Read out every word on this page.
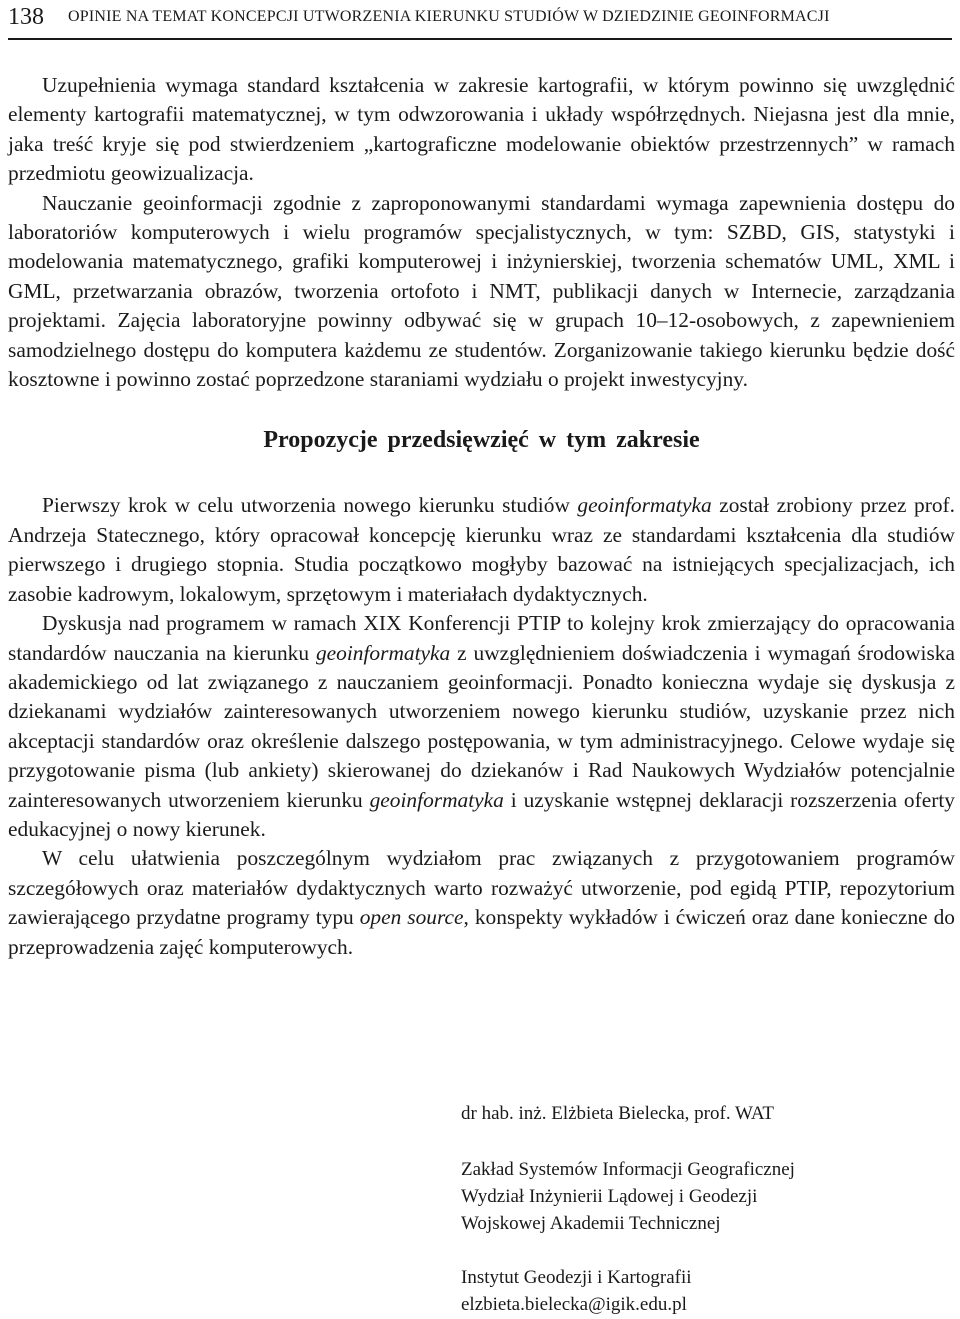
138 OPINIE NA TEMAT KONCEPCJI UTWORZENIA KIERUNKU STUDIÓW W DZIEDZINIE GEOINFORMACJI

Uzupełnienia wymaga standard kształcenia w zakresie kartografii, w którym powinno się uwzględnić elementy kartografii matematycznej, w tym odwzorowania i układy współrzędnych. Niejasna jest dla mnie, jaka treść kryje się pod stwierdzeniem „kartograficzne modelowanie obiektów przestrzennych” w ramach przedmiotu geowizualizacja.

Nauczanie geoinformacji zgodnie z zaproponowanymi standardami wymaga zapewnienia dostępu do laboratoriów komputerowych i wielu programów specjalistycznych, w tym: SZBD, GIS, statystyki i modelowania matematycznego, grafiki komputerowej i inżynierskiej, tworzenia schematów UML, XML i GML, przetwarzania obrazów, tworzenia ortofoto i NMT, publikacji danych w Internecie, zarządzania projektami. Zajęcia laboratoryjne powinny odbywać się w grupach 10–12-osobowych, z zapewnieniem samodzielnego dostępu do komputera każdemu ze studentów. Zorganizowanie takiego kierunku będzie dość kosztowne i powinno zostać poprzedzone staraniami wydziału o projekt inwestycyjny.

Propozycje przedsięwzięć w tym zakresie

Pierwszy krok w celu utworzenia nowego kierunku studiów geoinformatyka został zrobiony przez prof. Andrzeja Statecznego, który opracował koncepcję kierunku wraz ze standardami kształcenia dla studiów pierwszego i drugiego stopnia. Studia początkowo mogłyby bazować na istniejących specjalizacjach, ich zasobie kadrowym, lokalowym, sprzętowym i materiałach dydaktycznych.

Dyskusja nad programem w ramach XIX Konferencji PTIP to kolejny krok zmierzający do opracowania standardów nauczania na kierunku geoinformatyka z uwzględnieniem doświadczenia i wymagań środowiska akademickiego od lat związanego z nauczaniem geoinformacji. Ponadto konieczna wydaje się dyskusja z dziekanami wydziałów zainteresowanych utworzeniem nowego kierunku studiów, uzyskanie przez nich akceptacji standardów oraz określenie dalszego postępowania, w tym administracyjnego. Celowe wydaje się przygotowanie pisma (lub ankiety) skierowanej do dziekanów i Rad Naukowych Wydziałów potencjalnie zainteresowanych utworzeniem kierunku geoinformatyka i uzyskanie wstępnej deklaracji rozszerzenia oferty edukacyjnej o nowy kierunek.

W celu ułatwienia poszczególnym wydziałom prac związanych z przygotowaniem programów szczegółowych oraz materiałów dydaktycznych warto rozważyć utworzenie, pod egidą PTIP, repozytorium zawierającego przydatne programy typu open source, konspekty wykładów i ćwiczeń oraz dane konieczne do przeprowadzenia zajęć komputerowych.

dr hab. inż. Elżbieta Bielecka, prof. WAT
Zakład Systemów Informacji Geograficznej
Wydział Inżynierii Lądowej i Geodezji
Wojskowej Akademii Technicznej
Instytut Geodezji i Kartografii
elzbieta.bielecka@igik.edu.pl
